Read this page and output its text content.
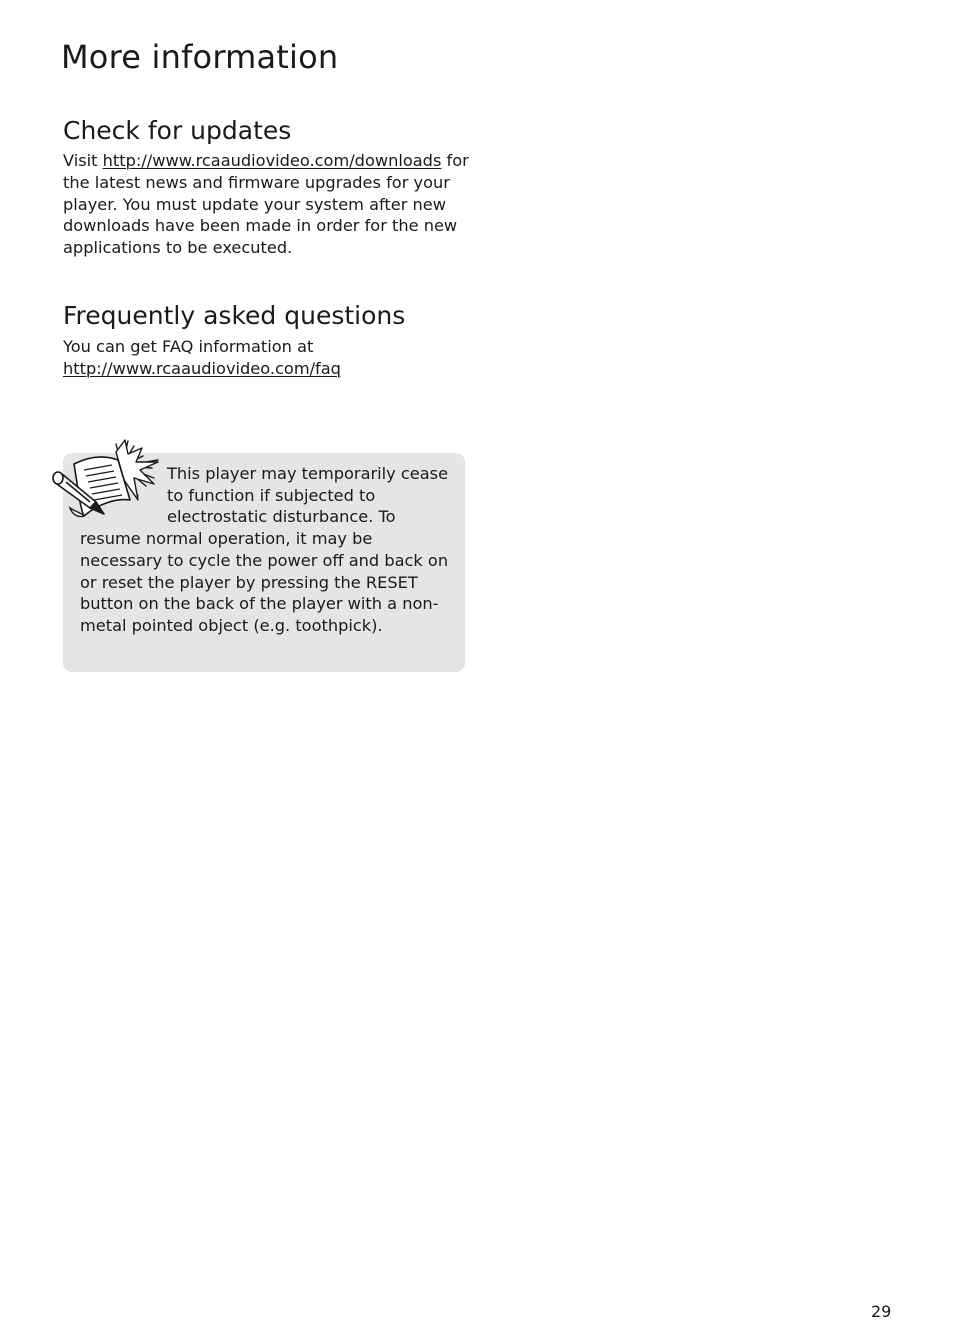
More information
Check for updates

Visit http://www.rcaaudiovideo.com/downloads for the latest news and firmware upgrades for your player. You must update your system after new downloads have been made in order for the new applications to be executed.

Frequently asked questions

You can get FAQ information at
http://www.rcaaudiovideo.com/faq

This player may temporarily cease to function if subjected to electrostatic disturbance. To resume normal operation, it may be necessary to cycle the power off and back on or reset the player by pressing the RESET button on the back of the player with a non-metal pointed object (e.g. toothpick).

29
